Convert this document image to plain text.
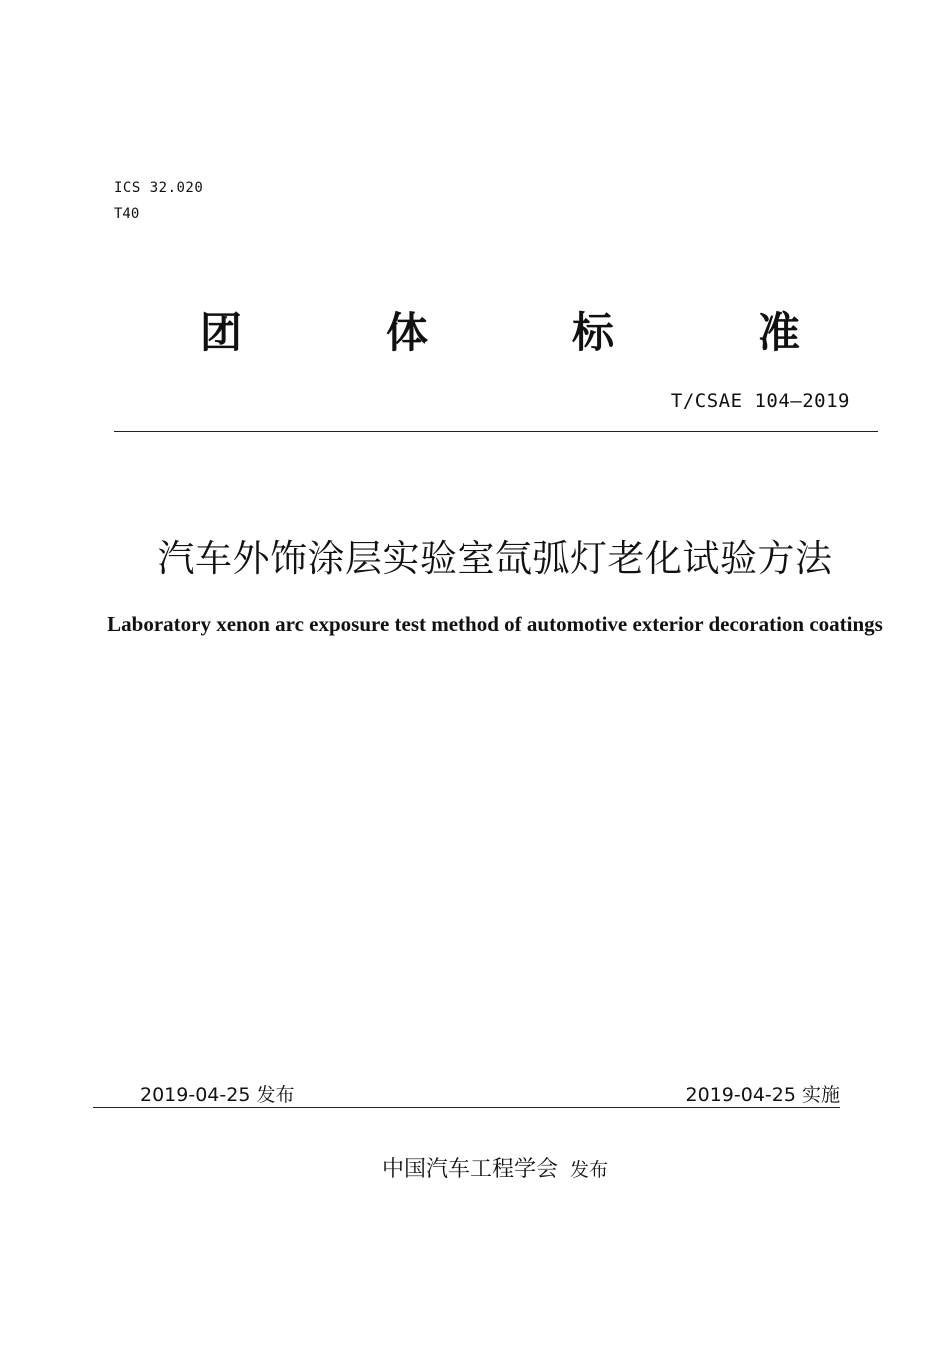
ICS 32.020
T40
团	体	标	准
T/CSAE 104—2019
汽车外饰涂层实验室氙弧灯老化试验方法
Laboratory xenon arc exposure test method of automotive exterior decoration coatings
2019-04-25 发布	2019-04-25 实施
中国汽车工程学会 发布
